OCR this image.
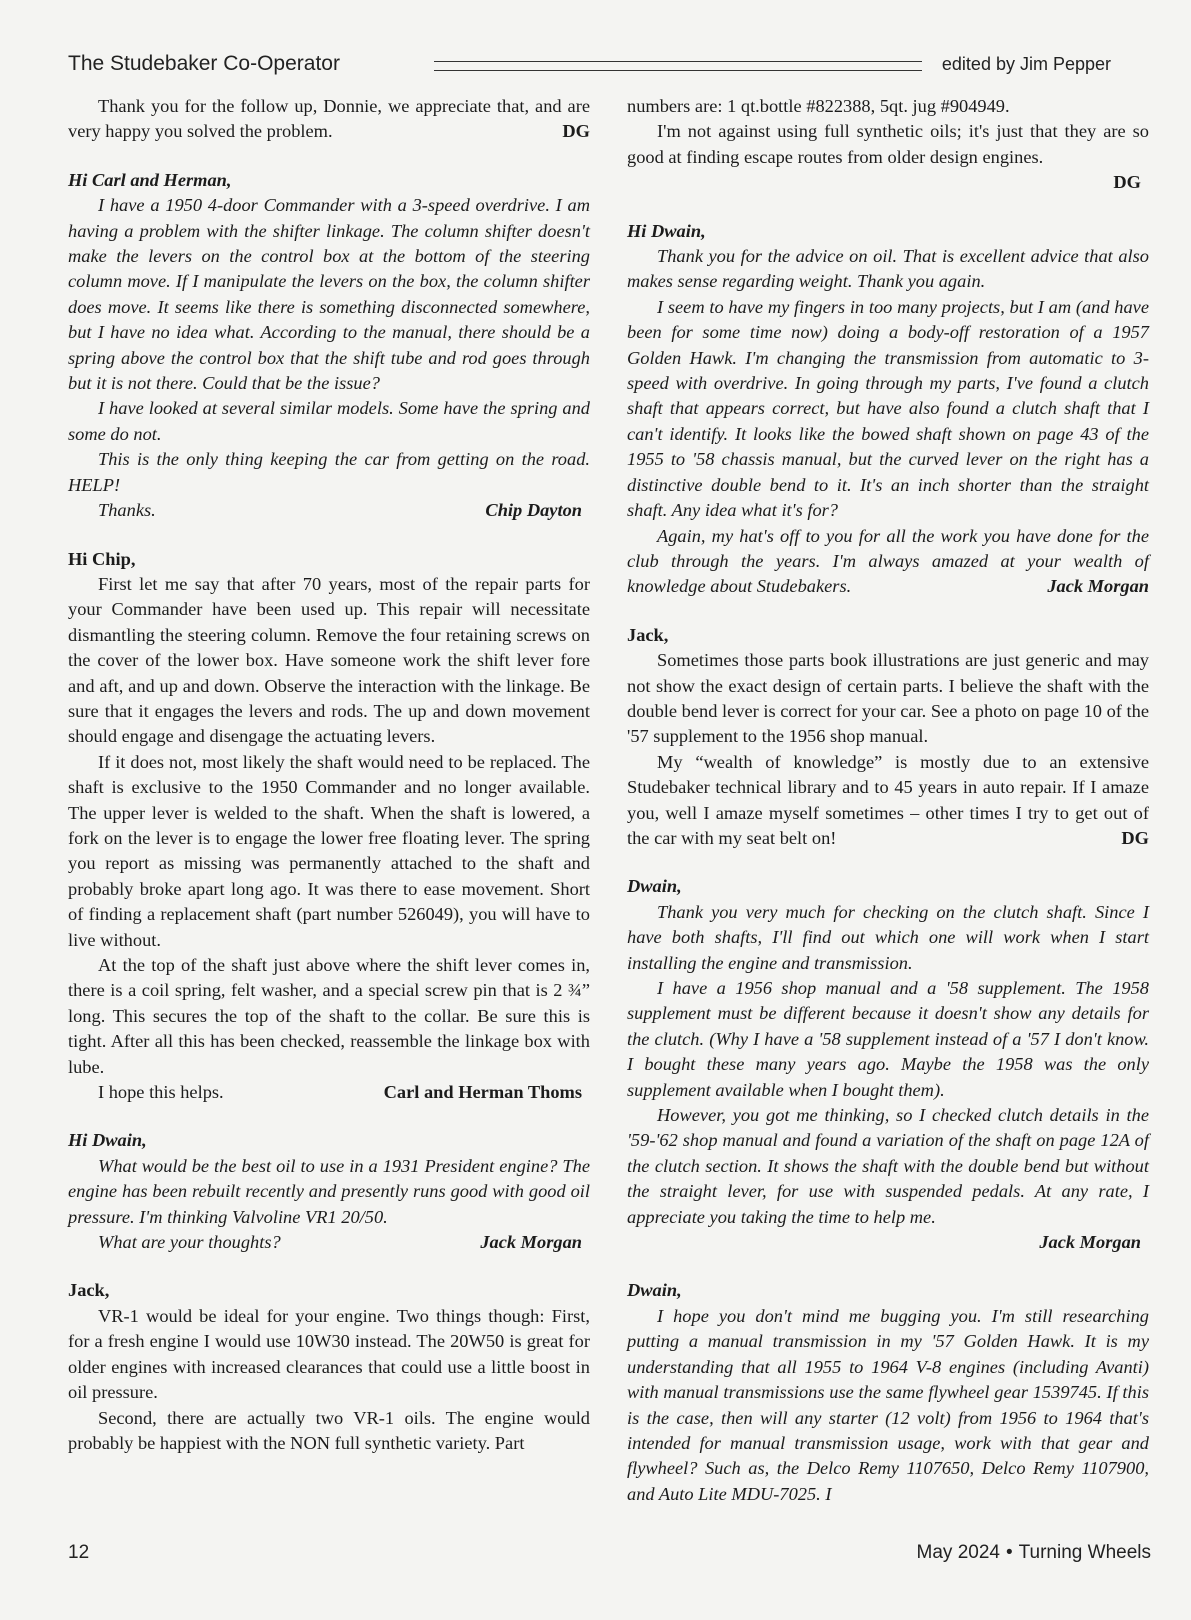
The Studebaker Co-Operator	edited by Jim Pepper

Thank you for the follow up, Donnie, we appreciate that, and are very happy you solved the problem.	DG

Hi Carl and Herman,

I have a 1950 4-door Commander with a 3-speed overdrive. I am having a problem with the shifter linkage. The column shifter doesn't make the levers on the control box at the bottom of the steering column move. If I manipulate the levers on the box, the column shifter does move. It seems like there is something disconnected somewhere, but I have no idea what. According to the manual, there should be a spring above the control box that the shift tube and rod goes through but it is not there. Could that be the issue?

I have looked at several similar models. Some have the spring and some do not.

This is the only thing keeping the car from getting on the road. HELP!

Thanks.	Chip Dayton

Hi Chip,

First let me say that after 70 years, most of the repair parts for your Commander have been used up. This repair will necessitate dismantling the steering column. Remove the four retaining screws on the cover of the lower box. Have someone work the shift lever fore and aft, and up and down. Observe the interaction with the linkage. Be sure that it engages the levers and rods. The up and down movement should engage and disengage the actuating levers.

If it does not, most likely the shaft would need to be replaced. The shaft is exclusive to the 1950 Commander and no longer available. The upper lever is welded to the shaft. When the shaft is lowered, a fork on the lever is to engage the lower free floating lever. The spring you report as missing was permanently attached to the shaft and probably broke apart long ago. It was there to ease movement. Short of finding a replacement shaft (part number 526049), you will have to live without.

At the top of the shaft just above where the shift lever comes in, there is a coil spring, felt washer, and a special screw pin that is 2 ¾” long. This secures the top of the shaft to the collar. Be sure this is tight. After all this has been checked, reassemble the linkage box with lube.

I hope this helps.	Carl and Herman Thoms

Hi Dwain,

What would be the best oil to use in a 1931 President engine? The engine has been rebuilt recently and presently runs good with good oil pressure. I'm thinking Valvoline VR1 20/50.

What are your thoughts?	Jack Morgan

Jack,

VR-1 would be ideal for your engine. Two things though: First, for a fresh engine I would use 10W30 instead. The 20W50 is great for older engines with increased clearances that could use a little boost in oil pressure.

Second, there are actually two VR-1 oils. The engine would probably be happiest with the NON full synthetic variety. Part

numbers are: 1 qt.bottle #822388, 5qt. jug #904949.

I'm not against using full synthetic oils; it's just that they are so good at finding escape routes from older design engines.

DG

Hi Dwain,

Thank you for the advice on oil. That is excellent advice that also makes sense regarding weight. Thank you again.

I seem to have my fingers in too many projects, but I am (and have been for some time now) doing a body-off restoration of a 1957 Golden Hawk. I'm changing the transmission from automatic to 3-speed with overdrive. In going through my parts, I've found a clutch shaft that appears correct, but have also found a clutch shaft that I can't identify. It looks like the bowed shaft shown on page 43 of the 1955 to '58 chassis manual, but the curved lever on the right has a distinctive double bend to it. It's an inch shorter than the straight shaft. Any idea what it's for?

Again, my hat's off to you for all the work you have done for the club through the years. I'm always amazed at your wealth of knowledge about Studebakers.	Jack Morgan

Jack,

Sometimes those parts book illustrations are just generic and may not show the exact design of certain parts. I believe the shaft with the double bend lever is correct for your car. See a photo on page 10 of the '57 supplement to the 1956 shop manual.

My “wealth of knowledge” is mostly due to an extensive Studebaker technical library and to 45 years in auto repair. If I amaze you, well I amaze myself sometimes – other times I try to get out of the car with my seat belt on!	DG

Dwain,

Thank you very much for checking on the clutch shaft. Since I have both shafts, I'll find out which one will work when I start installing the engine and transmission.

I have a 1956 shop manual and a '58 supplement. The 1958 supplement must be different because it doesn't show any details for the clutch. (Why I have a '58 supplement instead of a '57 I don't know. I bought these many years ago. Maybe the 1958 was the only supplement available when I bought them).

However, you got me thinking, so I checked clutch details in the '59-'62 shop manual and found a variation of the shaft on page 12A of the clutch section. It shows the shaft with the double bend but without the straight lever, for use with suspended pedals. At any rate, I appreciate you taking the time to help me.

Jack Morgan

Dwain,

I hope you don't mind me bugging you. I'm still researching putting a manual transmission in my '57 Golden Hawk. It is my understanding that all 1955 to 1964 V-8 engines (including Avanti) with manual transmissions use the same flywheel gear 1539745. If this is the case, then will any starter (12 volt) from 1956 to 1964 that's intended for manual transmission usage, work with that gear and flywheel? Such as, the Delco Remy 1107650, Delco Remy 1107900, and Auto Lite MDU-7025. I

12	May 2024 • Turning Wheels
